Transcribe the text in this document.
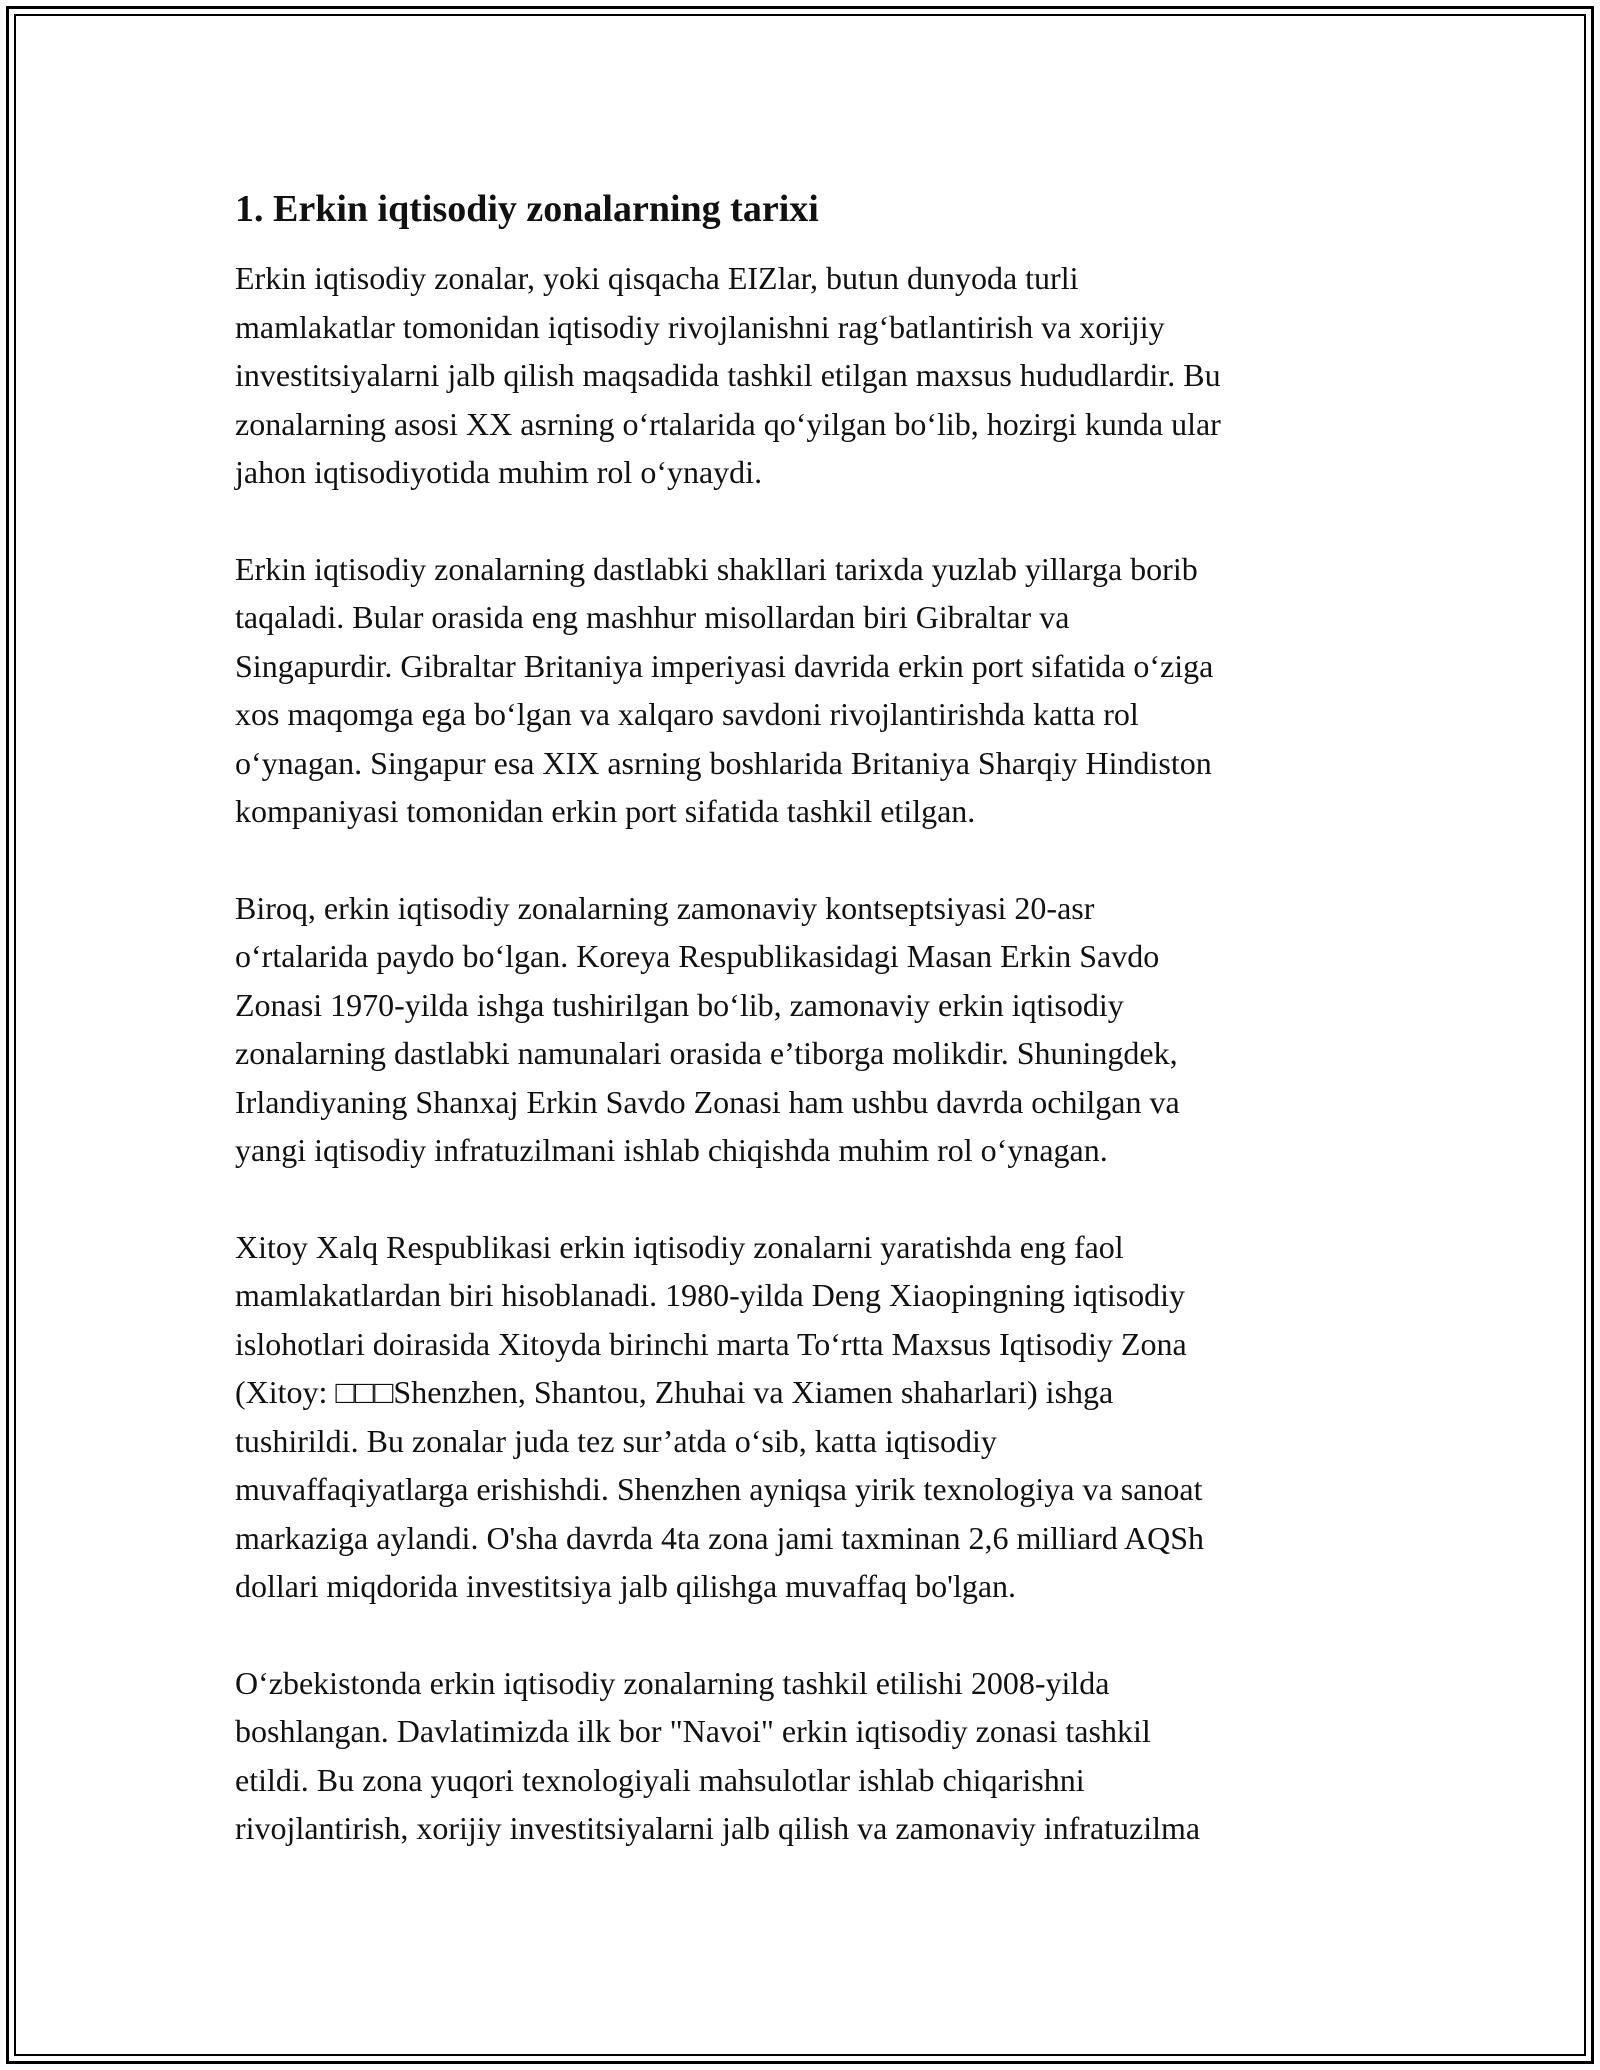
1. Erkin iqtisodiy zonalarning tarixi

Erkin iqtisodiy zonalar, yoki qisqacha EIZlar, butun dunyoda turli
mamlakatlar tomonidan iqtisodiy rivojlanishni rag‘batlantirish va xorijiy
investitsiyalarni jalb qilish maqsadida tashkil etilgan maxsus hududlardir. Bu
zonalarning asosi XX asrning o‘rtalarida qo‘yilgan bo‘lib, hozirgi kunda ular
jahon iqtisodiyotida muhim rol o‘ynaydi.

Erkin iqtisodiy zonalarning dastlabki shakllari tarixda yuzlab yillarga borib
taqaladi. Bular orasida eng mashhur misollardan biri Gibraltar va
Singapurdir. Gibraltar Britaniya imperiyasi davrida erkin port sifatida o‘ziga
xos maqomga ega bo‘lgan va xalqaro savdoni rivojlantirishda katta rol
o‘ynagan. Singapur esa XIX asrning boshlarida Britaniya Sharqiy Hindiston
kompaniyasi tomonidan erkin port sifatida tashkil etilgan.

Biroq, erkin iqtisodiy zonalarning zamonaviy kontseptsiyasi 20-asr
o‘rtalarida paydo bo‘lgan. Koreya Respublikasidagi Masan Erkin Savdo
Zonasi 1970-yilda ishga tushirilgan bo‘lib, zamonaviy erkin iqtisodiy
zonalarning dastlabki namunalari orasida e’tiborga molikdir. Shuningdek,
Irlandiyaning Shanxaj Erkin Savdo Zonasi ham ushbu davrda ochilgan va
yangi iqtisodiy infratuzilmani ishlab chiqishda muhim rol o‘ynagan.

Xitoy Xalq Respublikasi erkin iqtisodiy zonalarni yaratishda eng faol
mamlakatlardan biri hisoblanadi. 1980-yilda Deng Xiaopingning iqtisodiy
islohotlari doirasida Xitoyda birinchi marta To‘rtta Maxsus Iqtisodiy Zona
(Xitoy: □□□Shenzhen, Shantou, Zhuhai va Xiamen shaharlari) ishga
tushirildi. Bu zonalar juda tez sur’atda o‘sib, katta iqtisodiy
muvaffaqiyatlarga erishishdi. Shenzhen ayniqsa yirik texnologiya va sanoat
markaziga aylandi. O'sha davrda 4ta zona jami taxminan 2,6 milliard AQSh
dollari miqdorida investitsiya jalb qilishga muvaffaq bo'lgan.

O‘zbekistonda erkin iqtisodiy zonalarning tashkil etilishi 2008-yilda
boshlangan. Davlatimizda ilk bor "Navoi" erkin iqtisodiy zonasi tashkil
etildi. Bu zona yuqori texnologiyali mahsulotlar ishlab chiqarishni
rivojlantirish, xorijiy investitsiyalarni jalb qilish va zamonaviy infratuzilma
